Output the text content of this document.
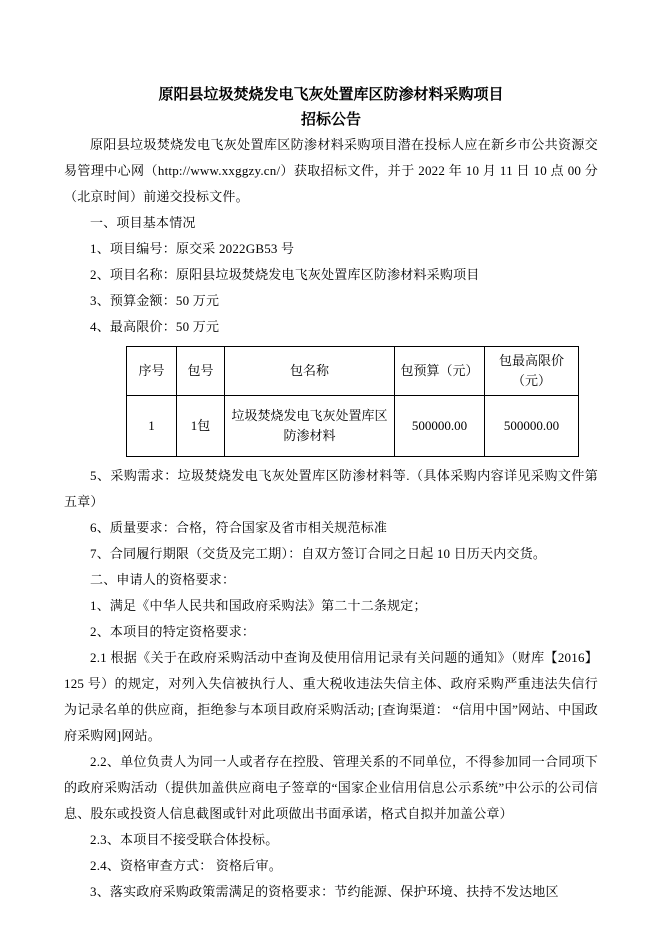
原阳县垃圾焚烧发电飞灰处置库区防渗材料采购项目
招标公告

原阳县垃圾焚烧发电飞灰处置库区防渗材料采购项目潜在投标人应在新乡市公共资源交易管理中心网（http://www.xxggzy.cn/）获取招标文件，并于 2022 年 10 月 11 日 10 点 00 分（北京时间）前递交投标文件。

一、项目基本情况

1、项目编号：原交采 2022GB53 号

2、项目名称：原阳县垃圾焚烧发电飞灰处置库区防渗材料采购项目

3、预算金额：50 万元

4、最高限价：50 万元

序号	包号	包名称	包预算（元）	包最高限价（元）
1	1包	垃圾焚烧发电飞灰处置库区防渗材料	500000.00	500000.00

5、采购需求：垃圾焚烧发电飞灰处置库区防渗材料等.（具体采购内容详见采购文件第五章）

6、质量要求：合格，符合国家及省市相关规范标准

7、合同履行期限（交货及完工期）：自双方签订合同之日起 10 日历天内交货。

二、申请人的资格要求：

1、满足《中华人民共和国政府采购法》第二十二条规定；

2、本项目的特定资格要求：

2.1 根据《关于在政府采购活动中查询及使用信用记录有关问题的通知》（财库【2016】125 号）的规定，对列入失信被执行人、重大税收违法失信主体、政府采购严重违法失信行为记录名单的供应商，拒绝参与本项目政府采购活动; [查询渠道： “信用中国”网站、中国政府采购网]网站。

2.2、单位负责人为同一人或者存在控股、管理关系的不同单位，不得参加同一合同项下的政府采购活动（提供加盖供应商电子签章的“国家企业信用信息公示系统”中公示的公司信息、股东或投资人信息截图或针对此项做出书面承诺，格式自拟并加盖公章）

2.3、本项目不接受联合体投标。

2.4、资格审查方式： 资格后审。

3、落实政府采购政策需满足的资格要求：节约能源、保护环境、扶持不发达地区
